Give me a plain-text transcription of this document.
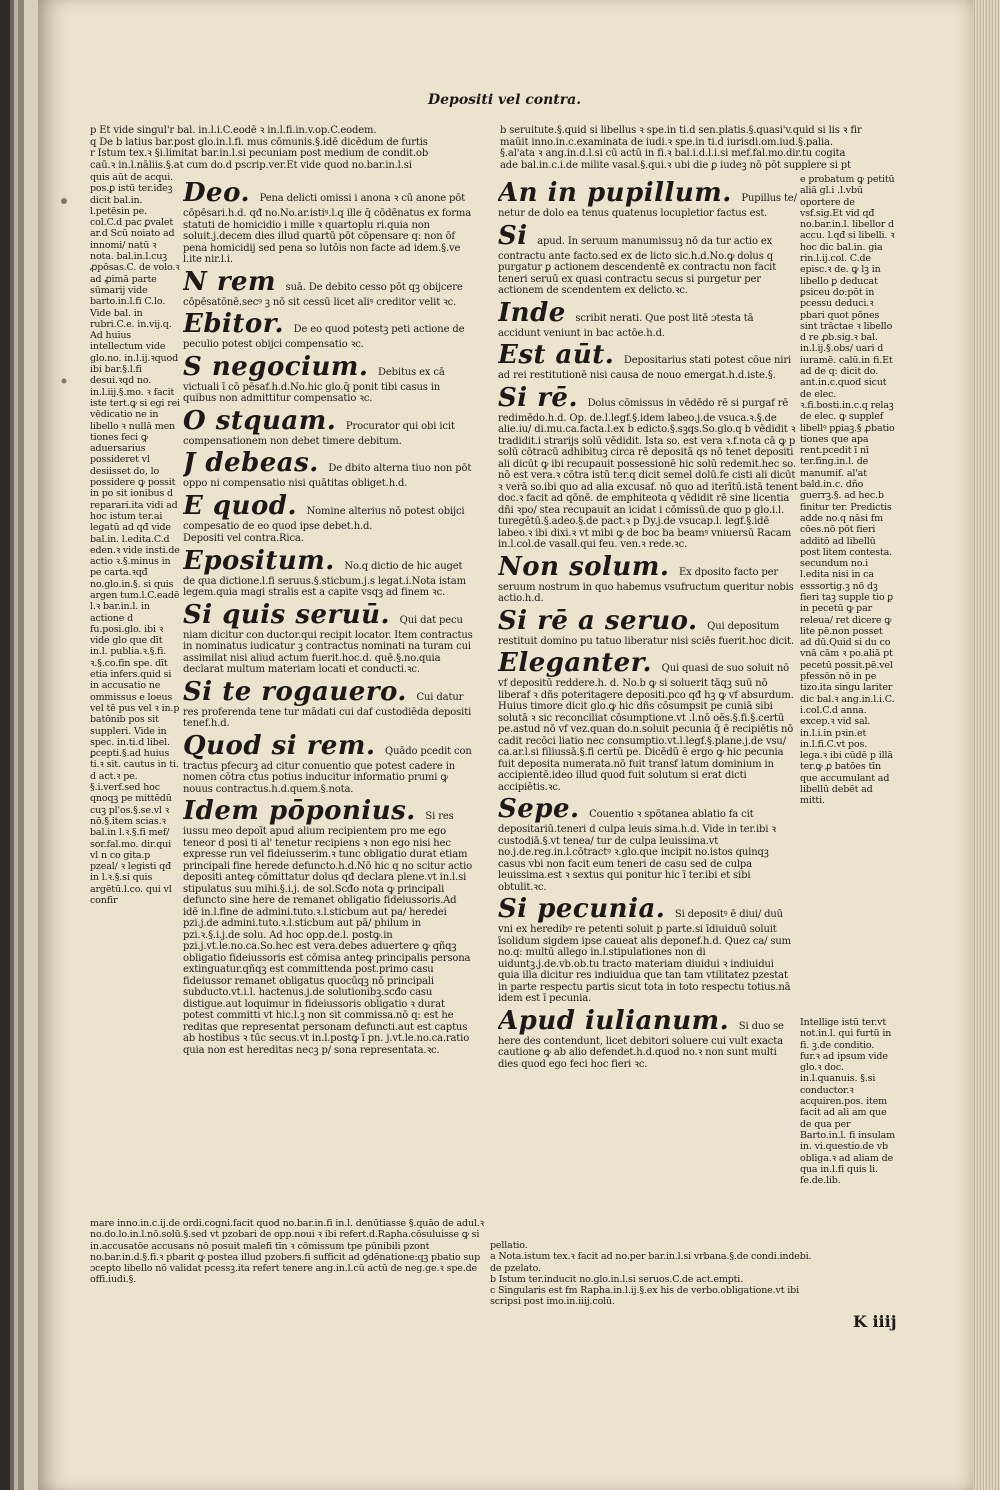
Depositi vel contra.
p Et vide singul'r bal. in.l.i.C.eodē ꝛ in.l.fi.in.v.op.C.eodem.
q De b latius bar.post glo.in.l.fi. mus cōmunis.§.idē dicēdum de furtis
r Istum tex.ꝛ §i.limitat bar.in.l.si pecuniam post medium de condit.ob
caū.ꝛ in.l.nāliis.§.at cum do.d pscrip.ver.Et vide quod no.bar.in.l.si
b seruitute.§.quid si libellus ꝛ spe.in ti.d sen.platis.§.quasi'v.quid si lis ꝛ fir
maūit inno.in.c.examinata de iudi.ꝛ spe.in ti.d iurisdi.om.iud.§.palia.
§.al'ata ꝛ ang.in.d.l.si cū actū in fi.ꝛ bal.i.d.l.i.si mef.fal.mo.dir.tu cogita
ade bal.in.c.i.de milite vasal.§.qui.ꝛ ubi die ꝑ iudeꝫ nō pōt supplere si pt
quis aūt de acqui. pos.ꝑ istū ter.iđeꝫ dicit bal.in. l.petēsin pe. col.C.d pac ꝑvalet ar.d Scū noiato ad innomi/ natū ꝛ nota. bal.in.l.cuꝫ ꝓpōsas.C. de volo.ꝛ ad ꝓimā parte sūmarij vide barto.in.l.fi C.lo. Vide bal. in rubri.C.e. in.vij.q. Ad huius intellectum vide glo.no. in.l.ij.ꝛquod ibi bar.§.l.fi desui.ꝛqd no. in.l.iij.§.mo. ꝛ facit iste tert.ꝙ si egi rei vēdicatio ne in libello ꝛ nullā men tiones feci ꝙ aduersarius possideret vl desiisset do, lo possidere ꝙ possit in po sit ionibus d reparari.ita vidi ad hoc istum ter.ai legatū ad qđ vide bal.in. l.edita.C.d eden.ꝛ vide insti.de actio ꝛ.§.minus in pe carta.ꝛqđ no.glo.in.§. si quis argen tum.l.C.eadē l.ꝛ bar.in.l. in actione d fu.posi.glo. ibi ꝛ vide glo que dīt in.l. publia.ꝛ.§.fi. ꝛ.§.co.fin spe. dīt etia infers.quid si in accusatio ne ommissus e loeus vel tē pus vel ꝛ in.p batōnib pos sit suppleri. Vide in spec. in.ti.d libel. ꝑcepti.§.ad huius ti.ꝛ sit. cautus in ti. d act.ꝛ pe. §.i.verf.sed hoc qnoqꝫ pe mittēdū cuꝫ pl'os.§.se.vl ꝛ nō.§.item scias.ꝛ bal.in l.ꝛ.§.fi mef/ sor.fal.mo. dir.qui vl n co gita.p pzeal/ ꝛ legisti qđ in l.ꝛ.§.si quis argētū.l.co. qui vl confir
Deo. Pena delicti omissi i anona ꝛ cū anone pōt cōpēsari.h.d. qđ no.No.ar.istiꝰ.l.q ille q̄ cōdēnatus ex forma statuti de homicidio i mille ꝛ quartoplu ri.quia non soluit.j.decem dies illud quartū pōt cōpensare q: non ōf pena homicidij sed pena so lutōis non facte ad idem.§.ve l.ite nir.l.i.
N rem suā. De debito cesso pōt qꝫ obijcere cōpēsatōnē.secꝰ ꝫ nō sit cessū licet aliꝰ creditor velit ꝛc.
Ebitor. De eo quod potestꝫ peti actione de peculio potest obijci compensatio ꝛc.
S negocium. Debitus ex cā victuali ī cō pēsaf.h.d.No.hic glo.q̄ ponit tibi casus in quibus non admittitur compensatio ꝛc.
O stquam. Procurator qui obi icit compensationem non debet timere debitum.
J debeas. De dbito alterna tiuo non pōt oppo ni compensatio nisi quātitas obliget.h.d.
E quod. Nomine alterius nō potest obijci compesatio de eo quod ipse debet.h.d.
Depositi vel contra.Rica.
Epositum. No.q dictio de hic auget de qua dictione.l.fi seruus.§.sticbum.j.s legat.i.Nota istam legem.quia magi stralis est a capite vsqꝫ ad finem ꝛc.
Si quis seruū. Qui dat pecu niam dicitur con ductor.qui recipit locator. Item contractus in nominatus iudicatur ꝫ contractus nominati na turam cui assimilat nisi aliud actum fuerit.hoc.d. quē.§.no.quia declarat multum materiam locati et conducti.ꝛc.
Si te rogauero. Cui datur res proferenda tene tur mādati cui daf custodiēda depositi tenef.h.d.
Quod si rem. Quādo pcedit con tractus pfecurꝫ ad citur conuentio que potest cadere in nomen cōtra ctus potius inducitur informatio prumi ꝙ nouus contractus.h.d.quem.§.nota.
Idem pōponius. Si res iussu meo depoīt apud alium recipientem pro me ego teneor d posi ti al' tenetur recipiens ꝛ non ego nisi hec expresse run vel fideiusserim.ꝛ tunc obligatio durat etiam principali fine herede defuncto.h.d.Nō hic q no scitur actio depositi anteꝙ cōmittatur dolus qđ declara plene.vt in.l.si stipulatus suu mihi.§.i.j. de sol.Scđo nota ꝙ principali defuncto sine here de remanet obligatio fideiussoris.Ad idē in.l.fine de admini.tuto.ꝛ.l.sticbum aut pa/ heredei pzi.j.de admini.tuto.ꝛ.l.sticbum aut pā/ philum in pzi.ꝛ.§.i.j.de solu. Ad hoc opp.de.l. postꝙ.in pzi.j.vt.le.no.ca.So.hec est vera.debes aduertere ꝙ qñqꝫ obligatio fideiussoris est cōmisa anteꝙ principalis persona extinguatur.qñqꝫ est committenda post.primo casu fideiussor remanet obligatus quocūqꝫ nō principali subducto.vt.i.l. hactenus.j.de solutionibꝫ.scđo casu distigue.aut loquimur in fideiussoris obligatio ꝛ durat potest committi vt hic.l.ꝫ non sit commissa.nō q: est he reditas que representat personam defuncti.aut est captus ab hostibus ꝛ tūc secus.vt in.l.postꝙ ī pn. j.vt.le.no.ca.ratio quia non est hereditas necꝫ p/ sona representata.ꝛc.
An in pupillum. Pupillus te/ netur de dolo ea tenus quatenus locupletior factus est.
Si apud. In seruum manumissuꝫ nō da tur actio ex contractu ante facto.sed ex de licto sic.h.d.No.ꝙ dolus q purgatur ꝑ actionem descendentē ex contractu non facit teneri seruū ex quasi contractu secus si purgetur per actionem de scendentem ex delicto.ꝛc.
Inde scribit nerati. Que post litē ɔtesta tā accidunt veniunt in bac actōe.h.d.
Est aūt. Depositarius stati potest cōue niri ad rei restitutionē nisi causa de nouo emergat.h.d.iste.§.
Si rē. Dolus cōmissus in vēdēdo rē si purgaf rē redimēdo.h.d. Op. de.l.legf.§.idem labeo.j.de vsuca.ꝛ.§.de alie.iu/ di.mu.ca.facta.l.ex b edicto.§.sꝫqs.So.glo.q b vēdidit ꝛ tradidit.i strarijs solū vēdidit. Ista so. est vera ꝛ.f.nota cā ꝙ p solū cōtracū adhibituꝫ circa rē depositā qs nō tenet depositi ali dicūt ꝙ ibi recupauit possessionē hic solū redemit.hec so. nō est vera.ꝛ cōtra istū ter.q dicit semel dolū.fe cisti ali dicūt ꝛ verā so.ibi quo ad alia excusaf. nō quo ad iterītū.istā tenent doc.ꝛ facit ad qōnē. de emphiteota q vēdidit rē sine licentia dñi ꝛpo/ stea recupauit an icidat i cōmissū.de quo p glo.i.l. turegētū.§.adeo.§.de pact.ꝛ p Dy.j.de vsucap.l. legf.§.idē labeo.ꝛ ibi dixi.ꝛ vt mibi ꝙ de boc ba beamꝰ vniuersū Racam in.l.col.de vasall.qui feu. ven.ꝛ rede.ꝛc.
Non solum. Ex dposito facto per seruum nostrum in quo habemus vsufructum queritur nobis actio.h.d.
Si rē a seruo. Qui depositum restituit domino pu tatuo liberatur nisi sciēs fuerit.hoc dicit.
Eleganter. Qui quasi de suo soluit nō vf depositū reddere.h. d. No.b ꝙ si soluerit tāqꝫ suū nō liberaf ꝛ dñs poteritagere depositi.pco qđ hꝫ ꝙ vf absurdum. Huius timore dicit glo.ꝙ hic dñs cōsumpsit pe cuniā sibi solutā ꝛ sic reconciliat cōsumptione.vt .l.nō oēs.§.fi.§.certū pe.astud nō vf vez.quan do.n.soluit pecunia q̄ ē recipiētis nō cadit recōci liatio nec consumptio.vt.l.legf.§.plane.j.de vsu/ ca.ar.l.si filiussā.§.fi certū pe. Dicēdū ē ergo ꝙ hic pecunia fuit deposita numerata.nō fuit transf latum dominium in accipientē.ideo illud quod fuit solutum si erat dicti accipiētis.ꝛc.
Sepe. Couentio ꝛ spōtanea ablatio fa cit depositariū.teneri d culpa leuis sima.h.d. Vide in ter.ibi ꝛ custodiā.§.vt tenea/ tur de culpa leuissima.vt no.j.de.reg.in.l.cōtractꝰ ꝛ.glo.que incipit no.istos quinqꝫ casus vbi non facit eum teneri de casu sed de culpa leuissima.est ꝛ sextus qui ponitur hic ī ter.ibi et sibi obtulit.ꝛc.
Si pecunia. Si depositꝰ ē diui/ duū vni ex heredibꝰ re petenti soluit p parte.si īdiuiduū soluit īsolidum sigdem ipse caueat alis deponef.h.d. Quez ca/ sum no.q: multū allego in.l.stipulationes non di uiduntꝫ.j.de.vb.ob.tu tracto materiam diuidui ꝛ indiuidui quia illa dicitur res indiuidua que tan tam vtilitatez pzestat in parte respectu partis sicut tota in toto respectu totius.nā idem est ī pecunia.
Apud iulianum. Si duo se here des contendunt, licet debitori soluere cui vult exacta cautione ꝙ ab alio defendet.h.d.quod no.ꝛ non sunt multi dies quod ego feci hoc fieri ꝛc.
e probatum ꝙ petitū aliā gl.i .l.vbū oportere de vsf.sig.Et vid qđ no.bar.in.l. libellor d accu. l.qđ si libelli. ꝛ hoc dic bal.in. gia rin.l.ij.col. C.de episc.ꝛ de. ꝙ lꝫ in libello ꝑ deducat ꝑsiceu do:pōt in pcessu deduci.ꝛ pbari quot pōnes sint trāctae ꝛ libello d re ꝓb.sig.ꝛ bal. in.l.ij.§.obs/ uari d iuramē. calū.in fi.Et ad de q: dicit do. ant.in.c.quod sicut de elec. ꝛ.fi.bosti.in.c.q relaꝫ de elec. ꝙ supplef libellꝰ pꝑiaꝫ.§ ꝓbatio tiones que apa rent.pcedit ī nī ter.fing.in.l. de manumif. al'at bald.in.c. dño guerrꝫ.§. ad hec.b finitur ter. Predictis adde no.q nāsi fm cōes.nō pōt fieri additō ad libellū post litem contesta. secundum no.i l.edita nisi in ca esssortig.ꝫ nō dꝫ fieri taꝫ supple tio ꝑ in pecetū ꝙ par releua/ ret dicere ꝙ lite pē.non posset ad dū.Quid si du co vnā cām ꝛ po.aliā pt pecetū possit.pē.vel pfessōn nō in pe tizo.ita singu lariter dic bal.ꝛ ang.in.l.i.C. i.col.C.d anna. excep.ꝛ vid sal. in.l.i.in pꝛin.et in.l.fi.C.vt pos. lega.ꝛ ibi cūdē p illā ter.ꝙ ꝓ batōes tīn que accumulant ad libellū debēt ad mitti.
Intellige istū ter.vt not.in.l. qui furtū in fi. ꝫ.de conditio. fur.ꝛ ad ipsum vide glo.ꝛ doc. in.l.quanuis. §.si conductor.ꝛ acquiren.pos. item facit ad ali am que de qua per Barto.in.l. fi insulam in. vi.questio.de vb obliga.ꝛ ad aliam de qua in.l.fi quis li. fe.de.lib.
mare inno.in.c.ij.de ordi.cogni.facit quod no.bar.in.fi in.l. denūtiasse §.quāo de adul.ꝛ no.do.lo.in.l.nō.solū.§.sed vt pzobari de opp.noui ꝛ ibi refert.d.Rapha.cōsuluisse ꝙ si in.accusatōe accusans nō posuit malefi tīn ꝛ cōmissum tpe pūnibili pzont no.bar.in.d.§.fi.ꝛ pbarit ꝙ postea illud pzobers.fi sufficit ad ꝯdēnatione:qꝫ pbatio sup ɔcepto libello nō validat pcessꝫ.ita refert tenere ang.in.l.cū actū de neg.ge.ꝛ spe.de offi.iudi.§.
pellatio.
a Nota.istum tex.ꝛ facit ad no.per bar.in.l.si vrbana.§.de condi.indebi.
de pzelato.
b Istum ter.inducit no.glo.in.l.si seruos.C.de act.empti.
c Singularis est fm Rapha.in.l.ij.§.ex his de verbo.obligatione.vt ibi
scripsi post imo.in.iiij.colū.
K iiij
